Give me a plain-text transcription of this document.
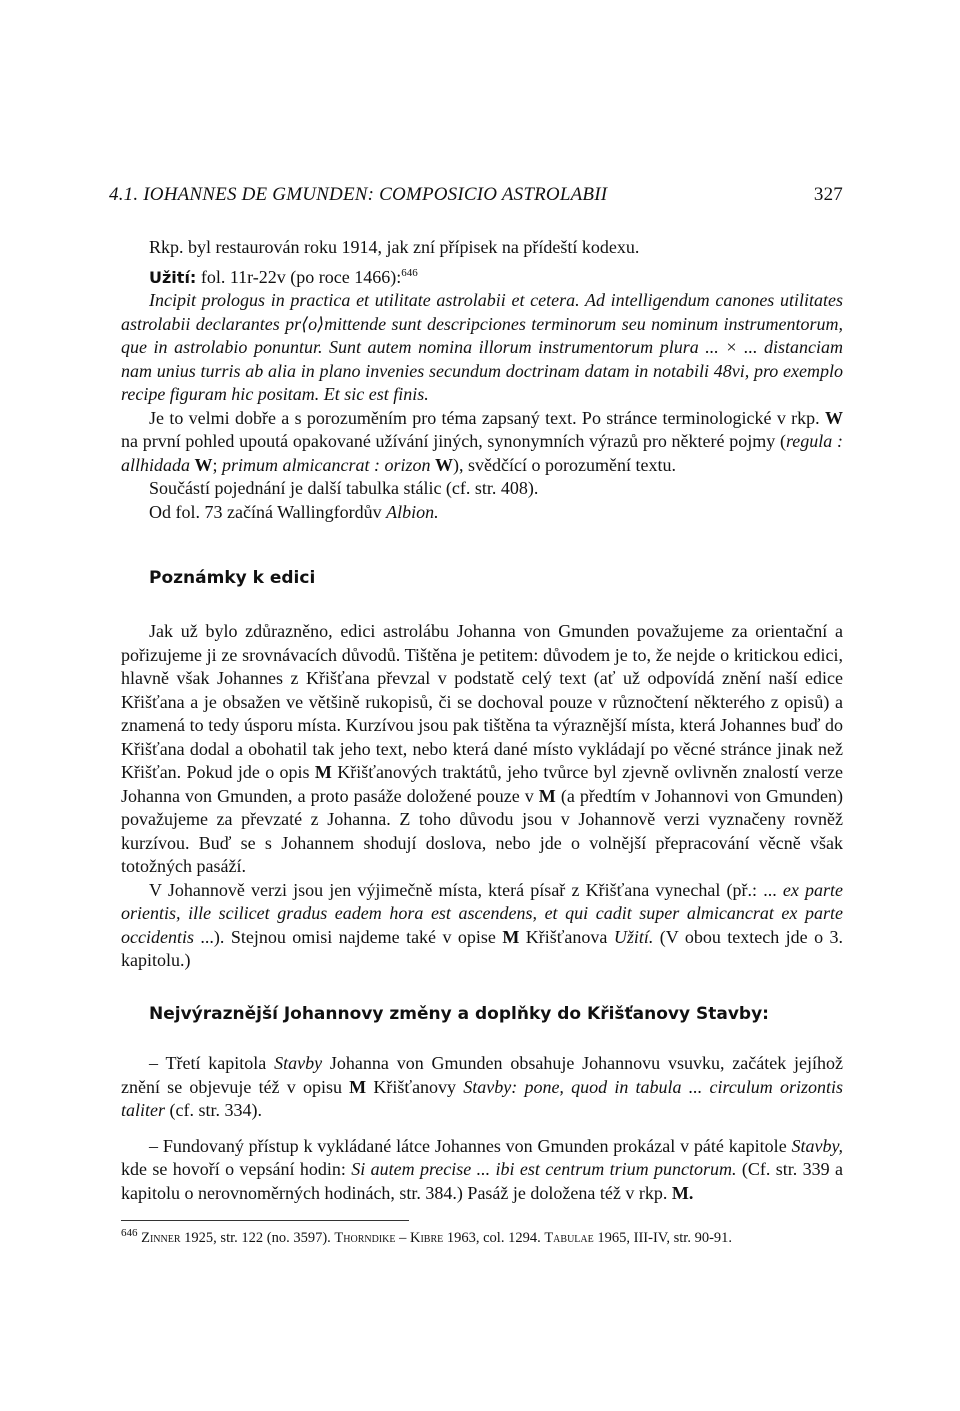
4.1. IOHANNES DE GMUNDEN: COMPOSICIO ASTROLABII	327

Rkp. byl restaurován roku 1914, jak zní přípisek na přídeští kodexu.

Užití: fol. 11r-22v (po roce 1466):$^{646}$

Incipit prologus in practica et utilitate astrolabii et cetera. Ad intelligendum canones utilitates astrolabii declarantes pr⟨o⟩mittende sunt descripciones terminorum seu nominum instrumentorum, que in astrolabio ponuntur. Sunt autem nomina illorum instrumentorum plura ... × ... distanciam nam unius turris ab alia in plano invenies secundum doctrinam datam in notabili 48vi, pro exemplo recipe figuram hic positam. Et sic est finis.

Je to velmi dobře a s porozuměním pro téma zapsaný text. Po stránce terminologické v rkp. W na první pohled upoutá opakované užívání jiných, synonymních výrazů pro některé pojmy (regula : allhidada W; primum almicancrat : orizon W), svědčící o porozumění textu.

Součástí pojednání je další tabulka stálic (cf. str. 408).

Od fol. 73 začíná Wallingfordův Albion.

Poznámky k edici

Jak už bylo zdůrazněno, edici astrolábu Johanna von Gmunden považujeme za orientační a pořizujeme ji ze srovnávacích důvodů. Tištěna je petitem: důvodem je to, že nejde o kritickou edici, hlavně však Johannes z Křišťana převzal v podstatě celý text (ať už odpovídá znění naší edice Křišťana a je obsažen ve většině rukopisů, či se dochoval pouze v různočtení některého z opisů) a znamená to tedy úsporu místa. Kurzívou jsou pak tištěna ta výraznější místa, která Johannes buď do Křišťana dodal a obohatil tak jeho text, nebo která dané místo vykládají po věcné stránce jinak než Křišťan. Pokud jde o opis M Křišťanových traktátů, jeho tvůrce byl zjevně ovlivněn znalostí verze Johanna von Gmunden, a proto pasáže doložené pouze v M (a předtím v Johannovi von Gmunden) považujeme za převzaté z Johanna. Z toho důvodu jsou v Johannově verzi vyznačeny rovněž kurzívou. Buď se s Johannem shodují doslova, nebo jde o volnější přepracování věcně však totožných pasáží.

V Johannově verzi jsou jen výjimečně místa, která písař z Křišťana vynechal (př.: ... ex parte orientis, ille scilicet gradus eadem hora est ascendens, et qui cadit super almicancrat ex parte occidentis ...). Stejnou omisi najdeme také v opise M Křišťanova Užití. (V obou textech jde o 3. kapitolu.)

Nejvýraznější Johannovy změny a doplňky do Křišťanovy Stavby:

– Třetí kapitola Stavby Johanna von Gmunden obsahuje Johannovu vsuvku, začátek jejíhož znění se objevuje též v opisu M Křišťanovy Stavby: pone, quod in tabula ... circulum orizontis taliter (cf. str. 334).

– Fundovaný přístup k vykládané látce Johannes von Gmunden prokázal v páté kapitole Stavby, kde se hovoří o vepsání hodin: Si autem precise ... ibi est centrum trium punctorum. (Cf. str. 339 a kapitolu o nerovnoměrných hodinách, str. 384.) Pasáž je doložena též v rkp. M.

$^{646}$ Zinner 1925, str. 122 (no. 3597). Thorndike – Kibre 1963, col. 1294. Tabulae 1965, III-IV, str. 90-91.
